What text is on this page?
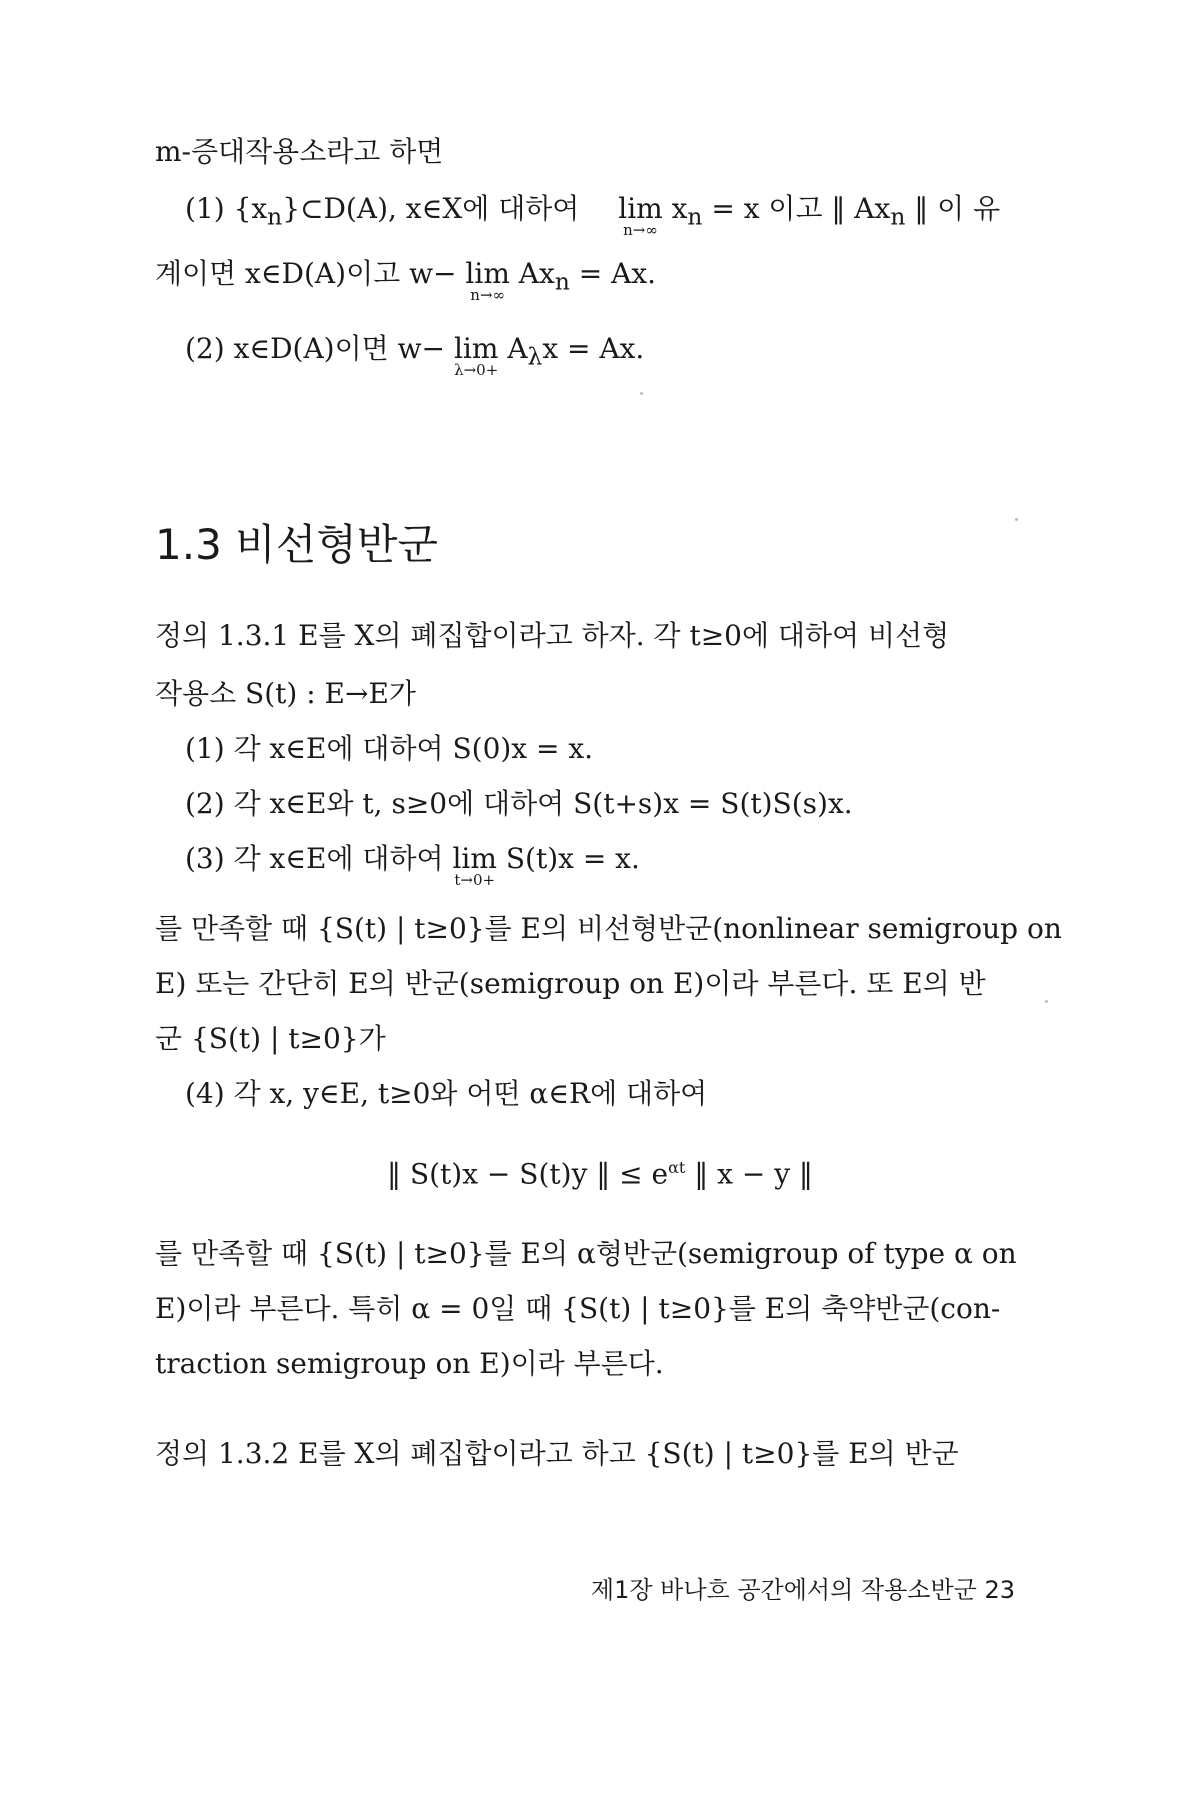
m-증대작용소라고 하면
(1) $\{x_n\}\subset D(A)$, x∈X에 대하여 lim
n→∞
$x_n = x$ 이고 ‖ $Ax_n$ ‖ 이 유
계이면 x∈D(A)이고 w− lim
n→∞
$Ax_n = Ax$.
(2) x∈D(A)이면 w− lim
λ→0+
$A_\lambda x = Ax$.
1.3 비선형반군
정의 1.3.1 E를 X의 폐집합이라고 하자. 각 t≥0에 대하여 비선형
작용소 S(t) : E→E가
(1) 각 x∈E에 대하여 S(0)x = x.
(2) 각 x∈E와 t, s≥0에 대하여 S(t+s)x = S(t)S(s)x.
(3) 각 x∈E에 대하여 lim
t→0+
S(t)x = x.
를 만족할 때 {S(t) | t≥0}를 E의 비선형반군(nonlinear semigroup on
E) 또는 간단히 E의 반군(semigroup on E)이라 부른다. 또 E의 반
군 {S(t) | t≥0}가
(4) 각 x, y∈E, t≥0와 어떤 α∈R에 대하여
‖ S(t)x − S(t)y ‖ ≤ $e^{\alpha t}$ ‖ x − y ‖
를 만족할 때 {S(t) | t≥0}를 E의 α형반군(semigroup of type α on
E)이라 부른다. 특히 α = 0일 때 {S(t) | t≥0}를 E의 축약반군(con-
traction semigroup on E)이라 부른다.
정의 1.3.2 E를 X의 폐집합이라고 하고 {S(t) | t≥0}를 E의 반군
제1장 바나흐 공간에서의 작용소반군 23
